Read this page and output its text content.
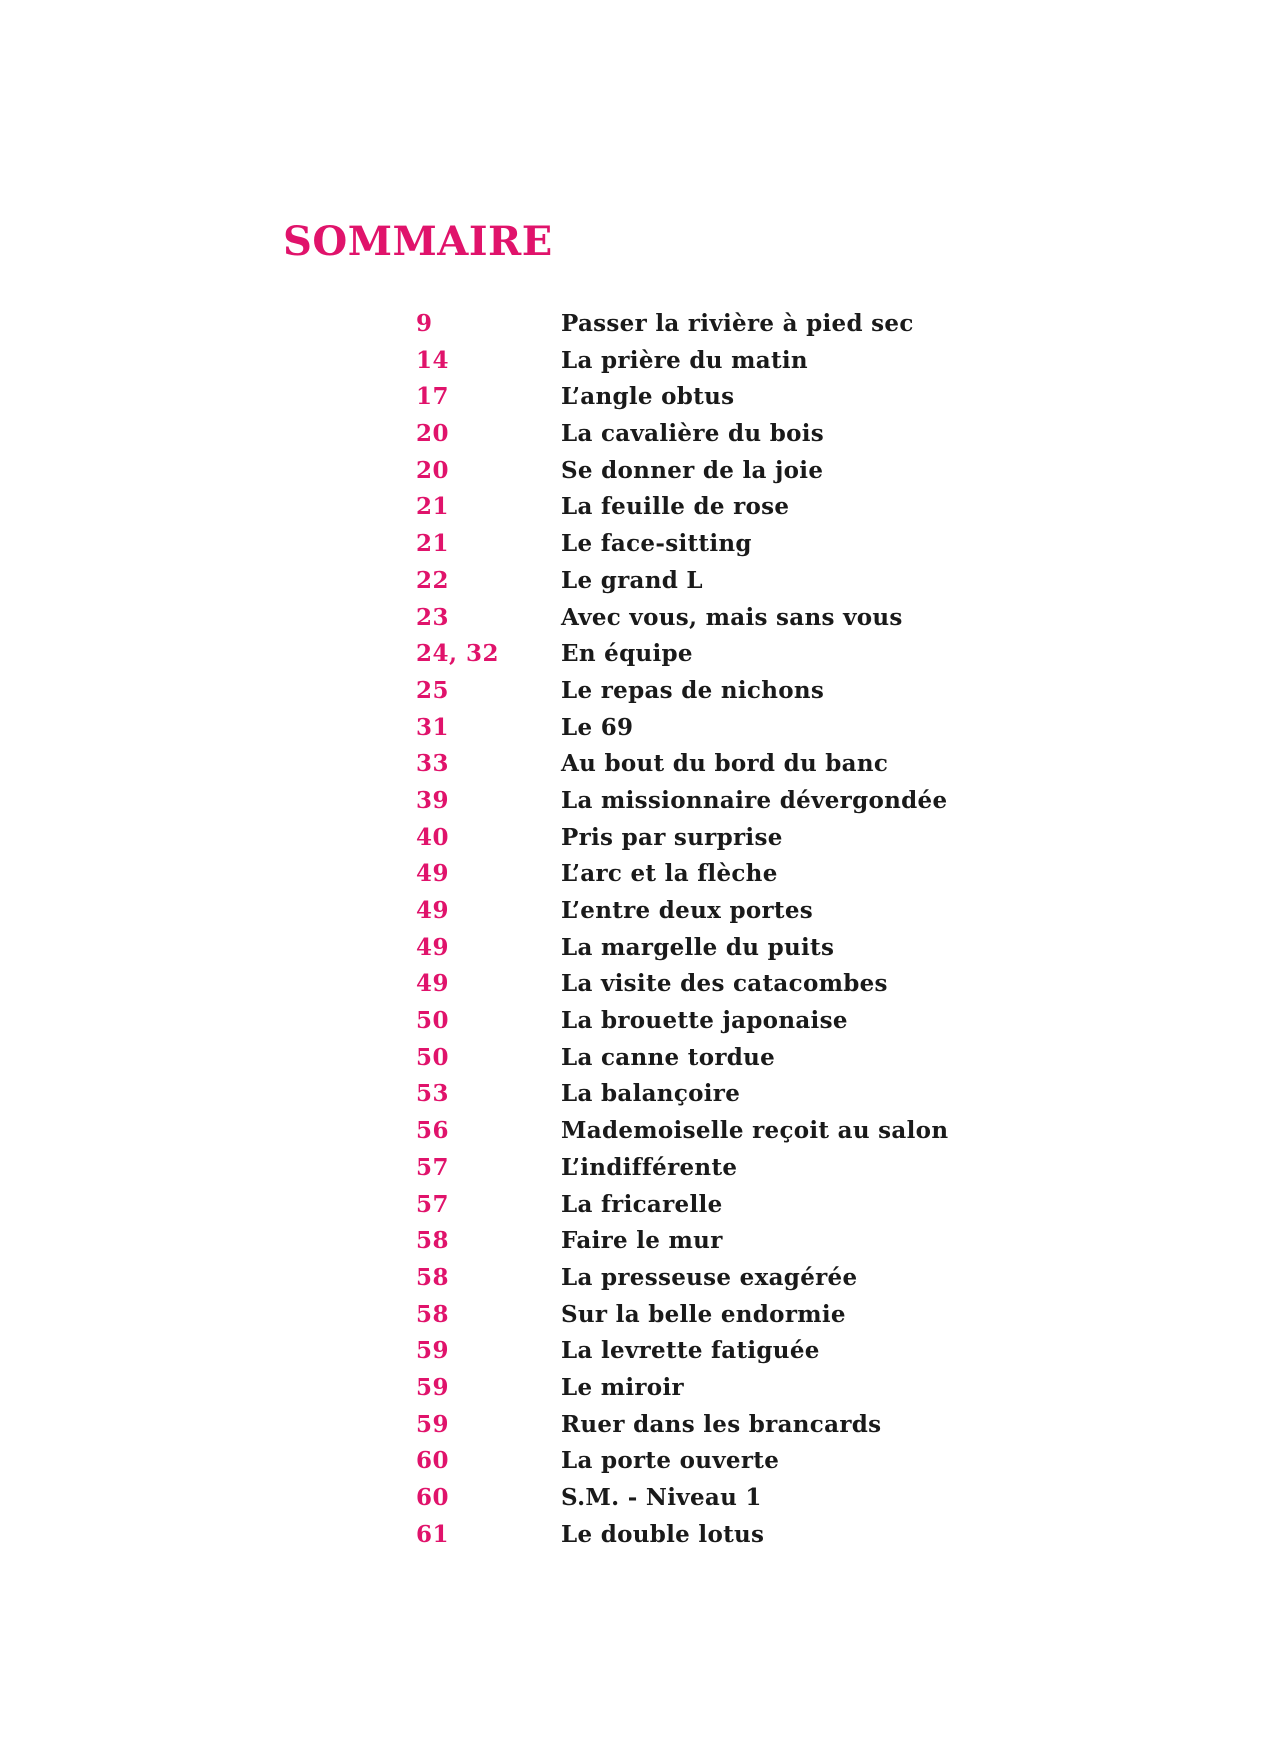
SOMMAIRE
9	Passer la rivière à pied sec
14	La prière du matin
17	L’angle obtus
20	La cavalière du bois
20	Se donner de la joie
21	La feuille de rose
21	Le face-sitting
22	Le grand L
23	Avec vous, mais sans vous
24, 32	En équipe
25	Le repas de nichons
31	Le 69
33	Au bout du bord du banc
39	La missionnaire dévergondée
40	Pris par surprise
49	L’arc et la flèche
49	L’entre deux portes
49	La margelle du puits
49	La visite des catacombes
50	La brouette japonaise
50	La canne tordue
53	La balançoire
56	Mademoiselle reçoit au salon
57	L’indifférente
57	La fricarelle
58	Faire le mur
58	La presseuse exagérée
58	Sur la belle endormie
59	La levrette fatiguée
59	Le miroir
59	Ruer dans les brancards
60	La porte ouverte
60	S.M. - Niveau 1
61	Le double lotus
